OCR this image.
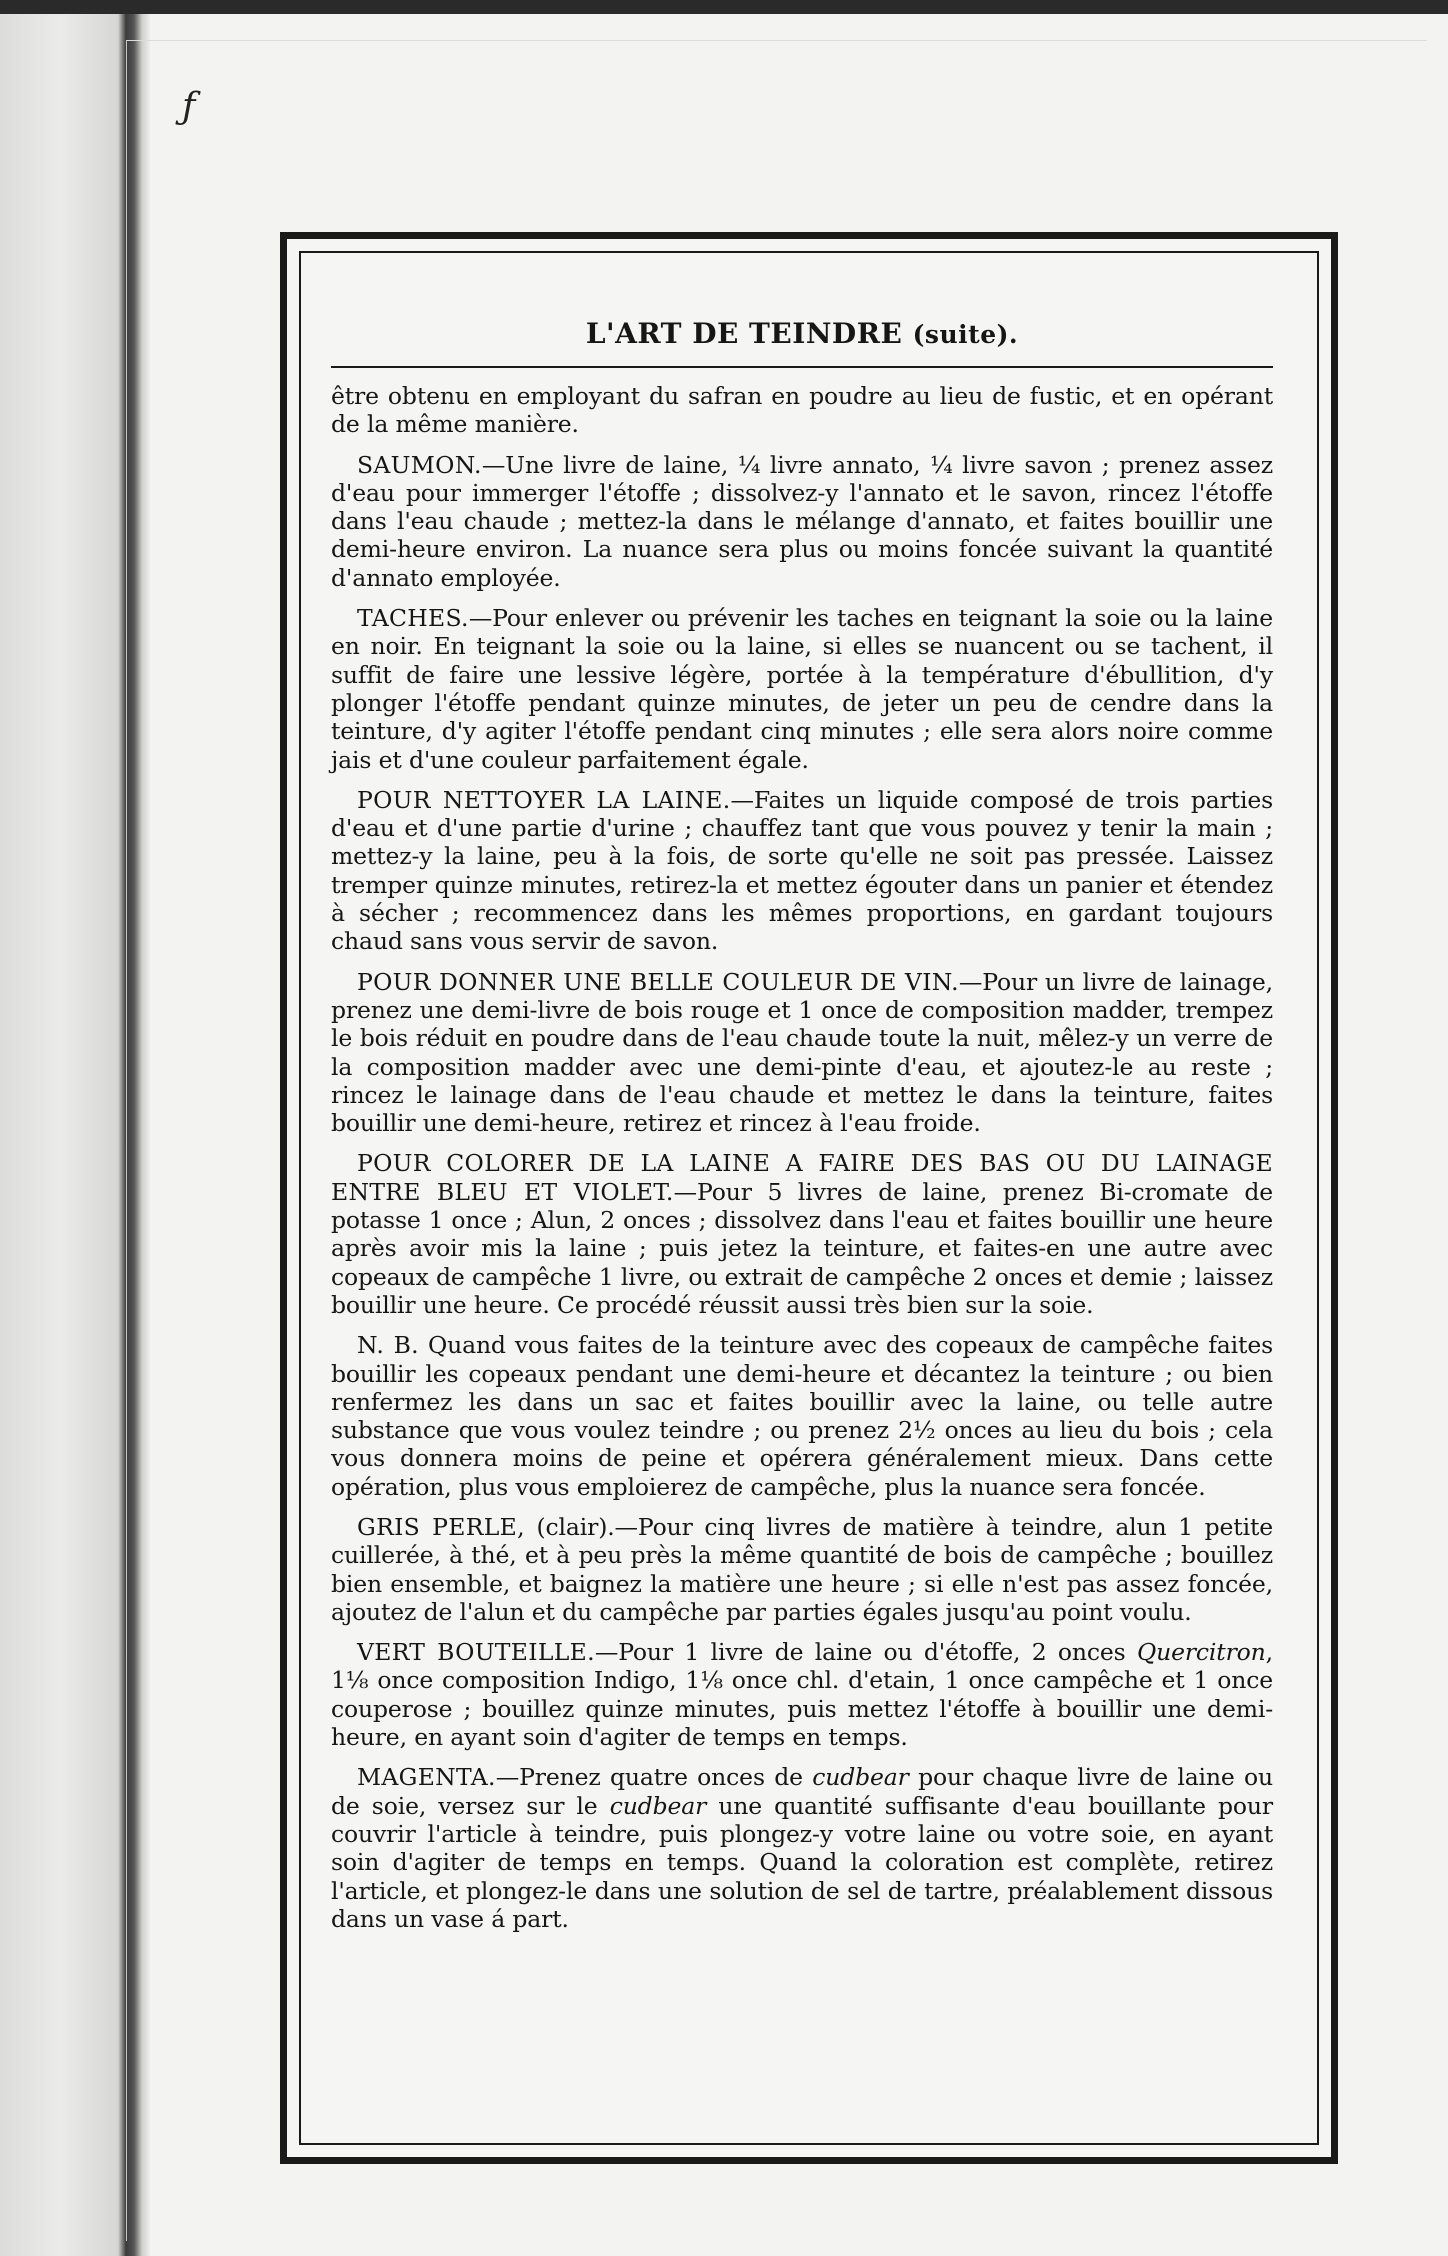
ƒ
L'ART DE TEINDRE (suite).

être obtenu en employant du safran en poudre au lieu de fustic, et en opérant de la même manière.

SAUMON.—Une livre de laine, ¼ livre annato, ¼ livre savon ; prenez assez d'eau pour immerger l'étoffe ; dissolvez-y l'annato et le savon, rincez l'étoffe dans l'eau chaude ; mettez-la dans le mélange d'annato, et faites bouillir une demi-heure environ. La nuance sera plus ou moins foncée suivant la quantité d'annato employée.

TACHES.—Pour enlever ou prévenir les taches en teignant la soie ou la laine en noir. En teignant la soie ou la laine, si elles se nuancent ou se tachent, il suffit de faire une lessive légère, portée à la température d'ébullition, d'y plonger l'étoffe pendant quinze minutes, de jeter un peu de cendre dans la teinture, d'y agiter l'étoffe pendant cinq minutes ; elle sera alors noire comme jais et d'une couleur parfaitement égale.

POUR NETTOYER LA LAINE.—Faites un liquide composé de trois parties d'eau et d'une partie d'urine ; chauffez tant que vous pouvez y tenir la main ; mettez-y la laine, peu à la fois, de sorte qu'elle ne soit pas pressée. Laissez tremper quinze minutes, retirez-la et mettez égouter dans un panier et étendez à sécher ; recommencez dans les mêmes proportions, en gardant toujours chaud sans vous servir de savon.

POUR DONNER UNE BELLE COULEUR DE VIN.—Pour un livre de lainage, prenez une demi-livre de bois rouge et 1 once de composition madder, trempez le bois réduit en poudre dans de l'eau chaude toute la nuit, mêlez-y un verre de la composition madder avec une demi-pinte d'eau, et ajoutez-le au reste ; rincez le lainage dans de l'eau chaude et mettez le dans la teinture, faites bouillir une demi-heure, retirez et rincez à l'eau froide.

POUR COLORER DE LA LAINE A FAIRE DES BAS OU DU LAINAGE ENTRE BLEU ET VIOLET.—Pour 5 livres de laine, prenez Bi-cromate de potasse 1 once ; Alun, 2 onces ; dissolvez dans l'eau et faites bouillir une heure après avoir mis la laine ; puis jetez la teinture, et faites-en une autre avec copeaux de campêche 1 livre, ou extrait de campêche 2 onces et demie ; laissez bouillir une heure. Ce procédé réussit aussi très bien sur la soie.

N. B. Quand vous faites de la teinture avec des copeaux de campêche faites bouillir les copeaux pendant une demi-heure et décantez la teinture ; ou bien renfermez les dans un sac et faites bouillir avec la laine, ou telle autre substance que vous voulez teindre ; ou prenez 2½ onces au lieu du bois ; cela vous donnera moins de peine et opérera généralement mieux. Dans cette opération, plus vous emploierez de campêche, plus la nuance sera foncée.

GRIS PERLE, (clair).—Pour cinq livres de matière à teindre, alun 1 petite cuillerée, à thé, et à peu près la même quantité de bois de campêche ; bouillez bien ensemble, et baignez la matière une heure ; si elle n'est pas assez foncée, ajoutez de l'alun et du campêche par parties égales jusqu'au point voulu.

VERT BOUTEILLE.—Pour 1 livre de laine ou d'étoffe, 2 onces Quercitron, 1⅛ once composition Indigo, 1⅛ once chl. d'etain, 1 once campêche et 1 once couperose ; bouillez quinze minutes, puis mettez l'étoffe à bouillir une demi-heure, en ayant soin d'agiter de temps en temps.

MAGENTA.—Prenez quatre onces de cudbear pour chaque livre de laine ou de soie, versez sur le cudbear une quantité suffisante d'eau bouillante pour couvrir l'article à teindre, puis plongez-y votre laine ou votre soie, en ayant soin d'agiter de temps en temps. Quand la coloration est complète, retirez l'article, et plongez-le dans une solution de sel de tartre, préalablement dissous dans un vase á part.
